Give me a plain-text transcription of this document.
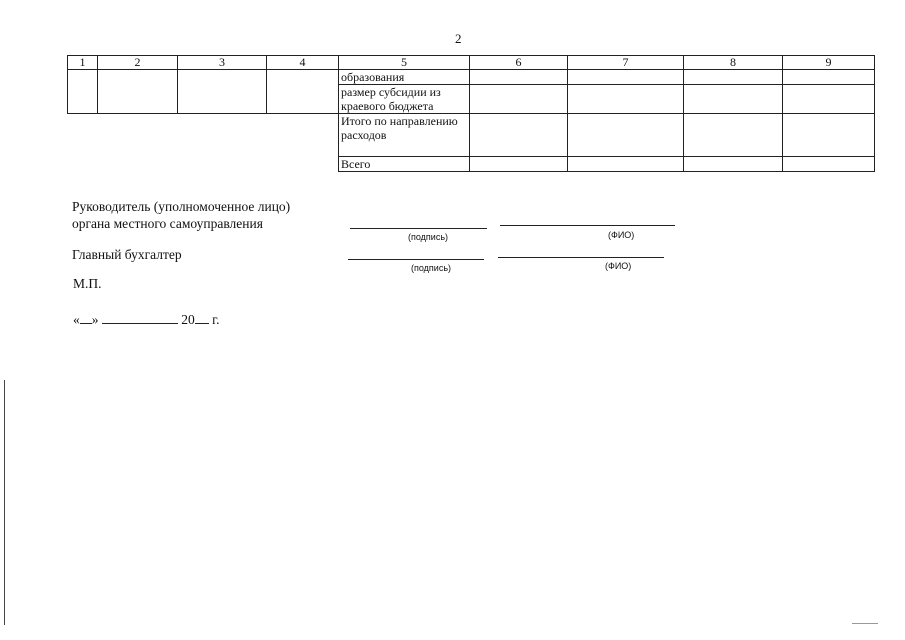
2
1	2	3	4	5	6	7	8	9
				образования				
				размер субсидии из краевого бюджета				
				Итого по направлению расходов				
				Всего				
Руководитель (уполномоченное лицо)
органа местного самоуправления
(подпись)	(ФИО)
Главный бухгалтер
(подпись)	(ФИО)
М.П.
« »	20 г.
